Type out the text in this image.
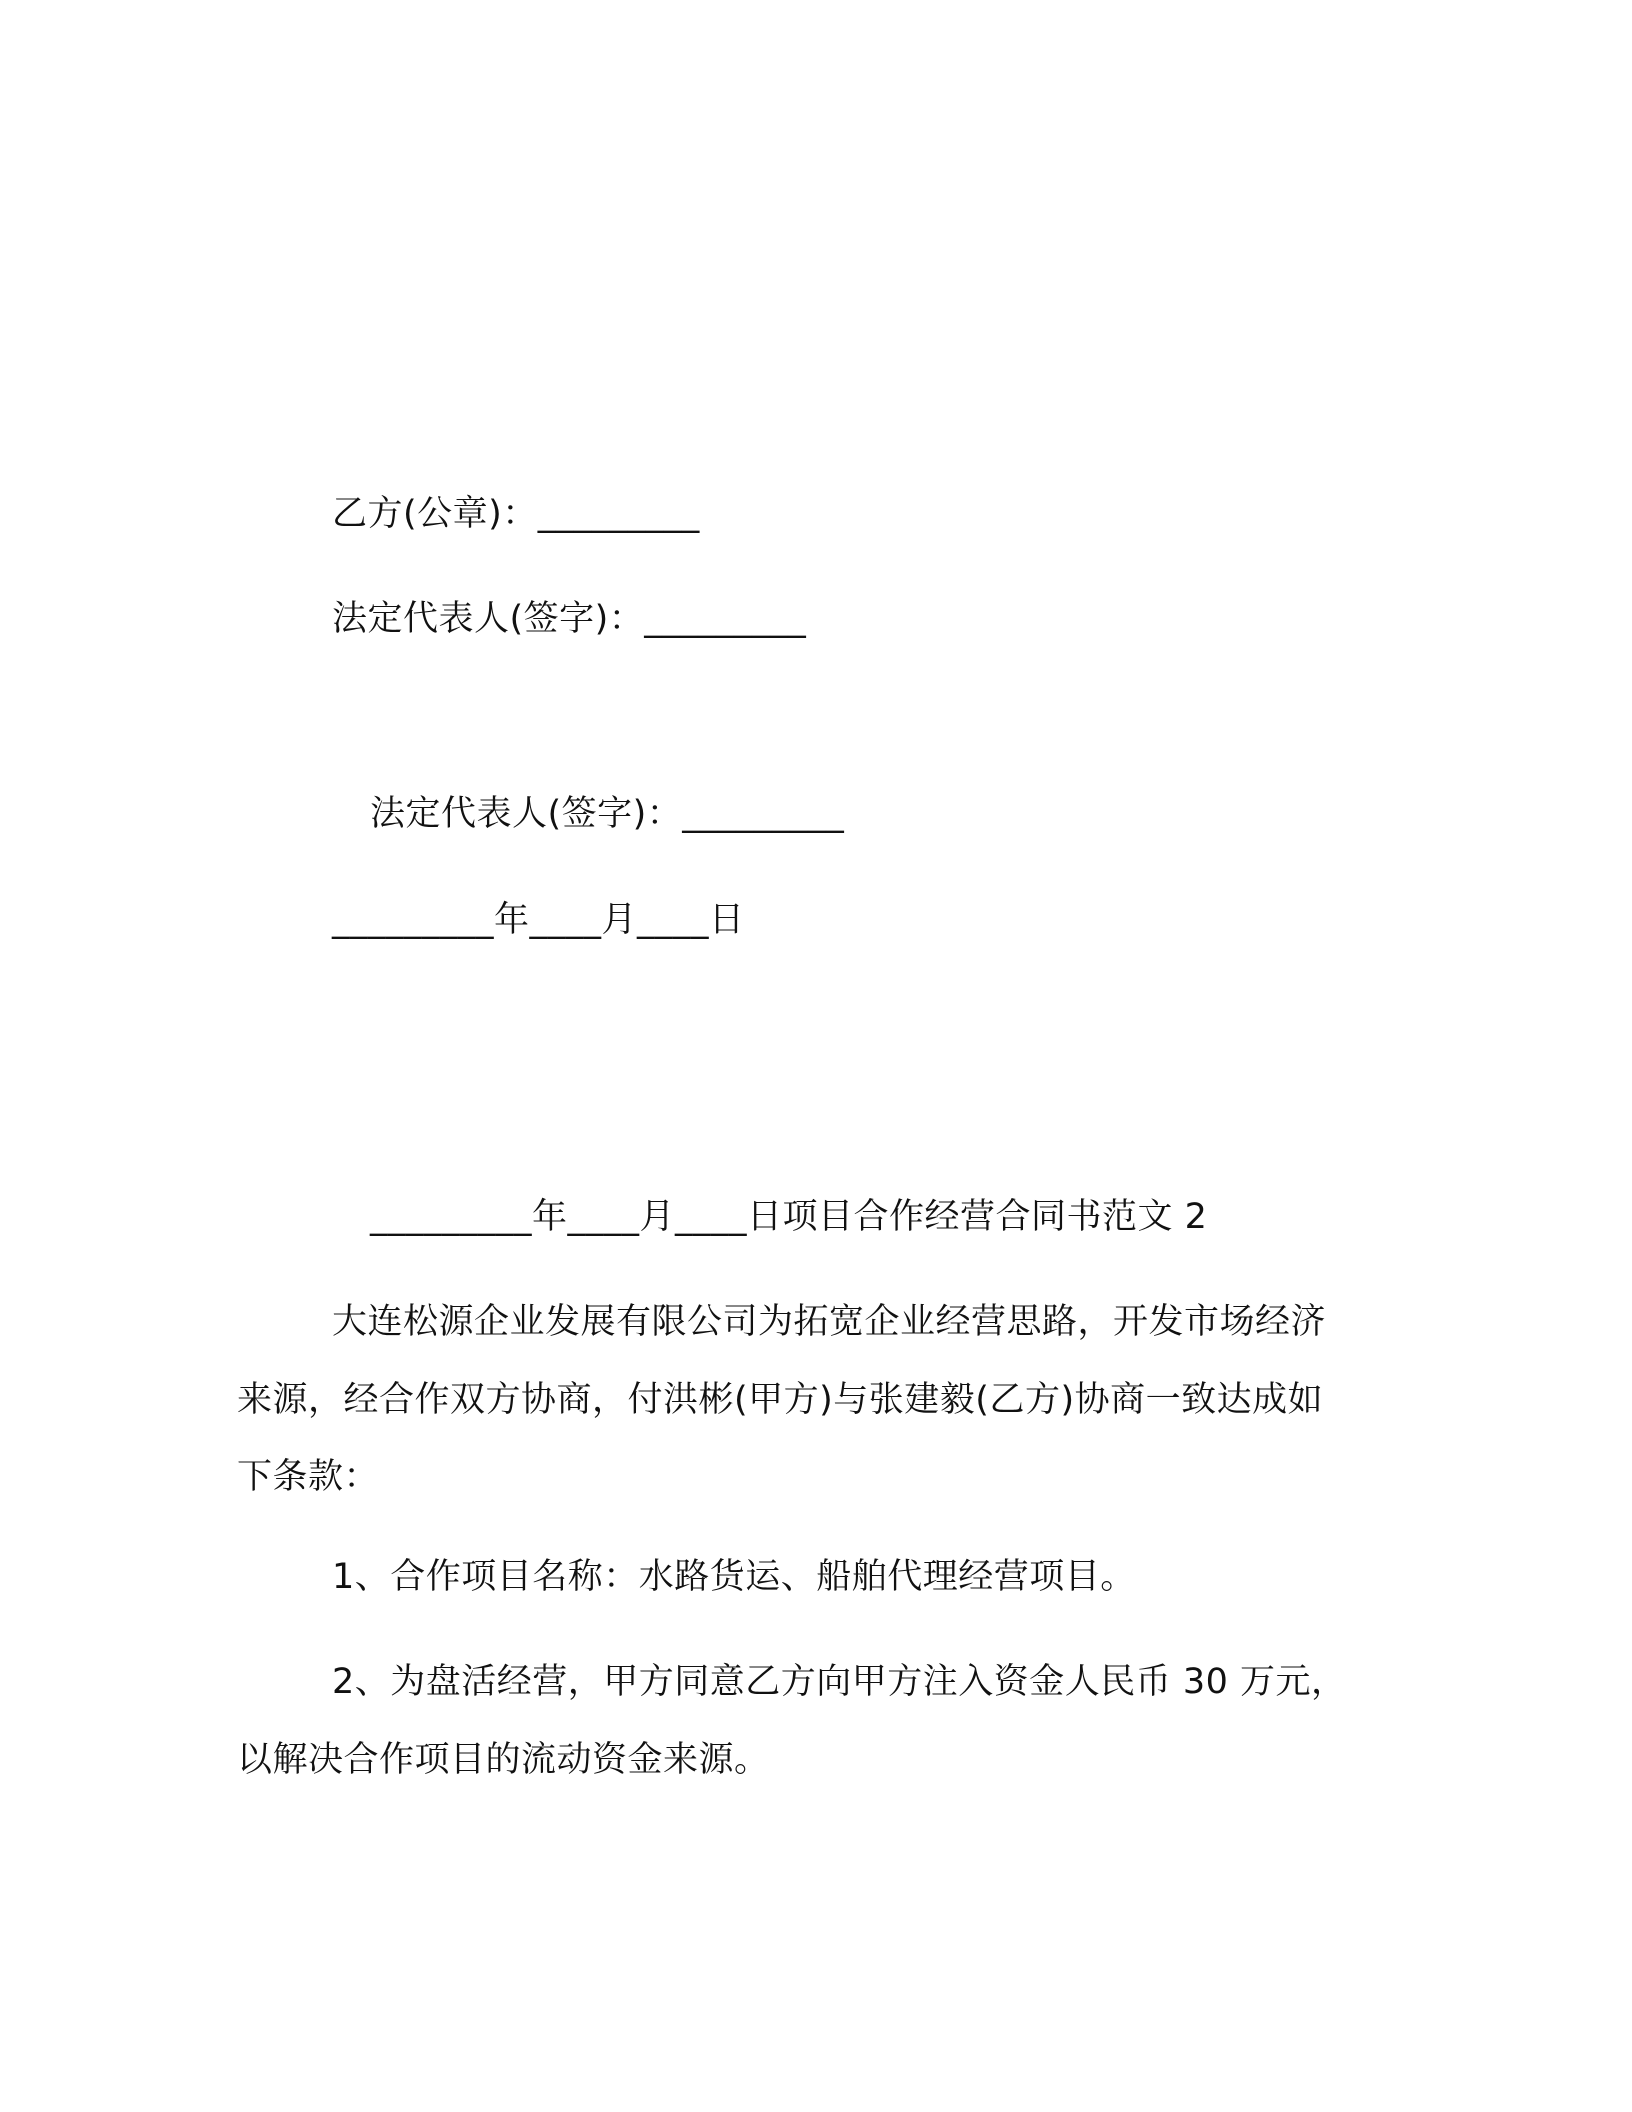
乙方(公章)：_________
法定代表人(签字)：_________
法定代表人(签字)：_________
_________年____月____日
_________年____月____日项目合作经营合同书范文 2
大连松源企业发展有限公司为拓宽企业经营思路，开发市场经济
来源，经合作双方协商，付洪彬(甲方)与张建毅(乙方)协商一致达成如
下条款：
1、合作项目名称：水路货运、船舶代理经营项目。
2、为盘活经营，甲方同意乙方向甲方注入资金人民币 30 万元，
以解决合作项目的流动资金来源。
